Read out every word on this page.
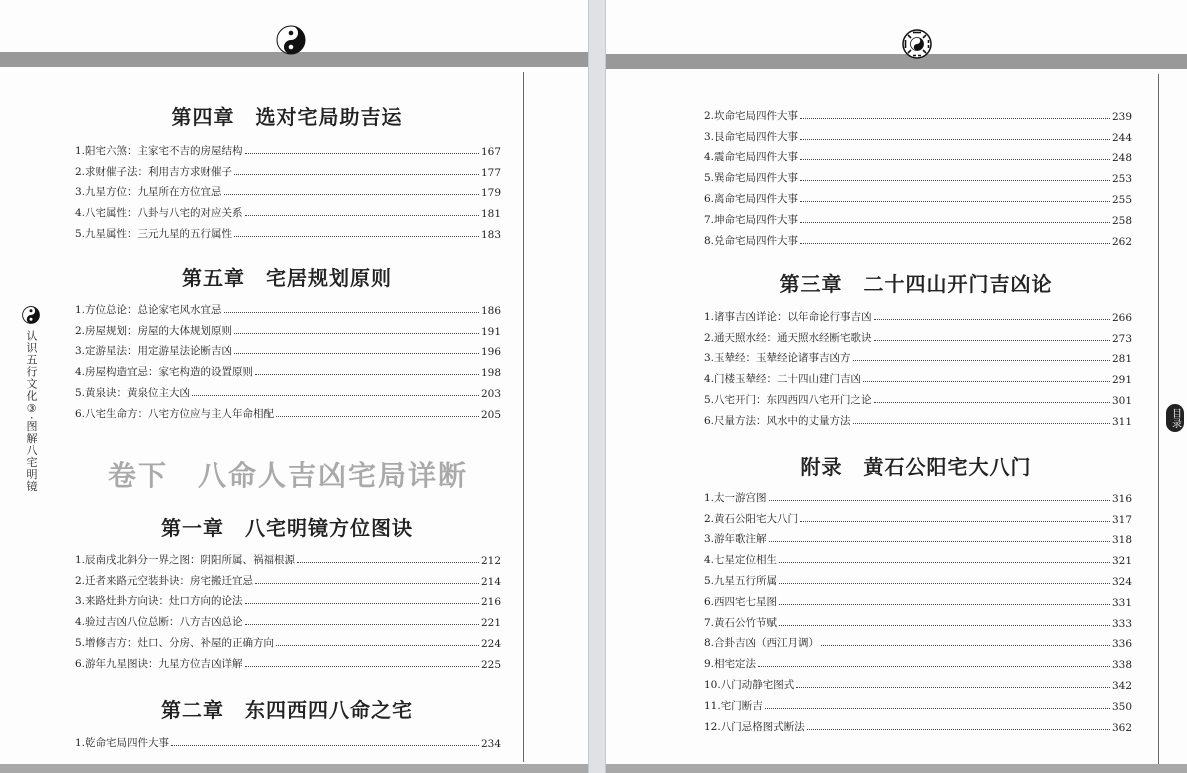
认识五行文化③·图解八宅明镜
第四章　选对宅局助吉运
1.阳宅六煞：主家宅不吉的房屋结构	167
2.求财催子法：利用吉方求财催子	177
3.九星方位：九星所在方位宜忌	179
4.八宅属性：八卦与八宅的对应关系	181
5.九星属性：三元九星的五行属性	183
第五章　宅居规划原则
1.方位总论：总论家宅风水宜忌	186
2.房屋规划：房屋的大体规划原则	191
3.定游星法：用定游星法论断吉凶	196
4.房屋构造宜忌：家宅构造的设置原则	198
5.黄泉诀：黄泉位主大凶	203
6.八宅生命方：八宅方位应与主人年命相配	205
卷下　八命人吉凶宅局详断
第一章　八宅明镜方位图诀
1.辰南戌北斜分一界之图：阴阳所属、祸福根源	212
2.迁者来路元空装卦诀：房宅搬迁宜忌	214
3.来路灶卦方向诀：灶口方向的论法	216
4.验过吉凶八位总断：八方吉凶总论	221
5.增修吉方：灶口、分房、补屋的正确方向	224
6.游年九星图诀：九星方位吉凶详解	225
第二章　东四西四八命之宅
1.乾命宅局四件大事	234
目录
2.坎命宅局四件大事	239
3.艮命宅局四件大事	244
4.震命宅局四件大事	248
5.巽命宅局四件大事	253
6.离命宅局四件大事	255
7.坤命宅局四件大事	258
8.兑命宅局四件大事	262
第三章　二十四山开门吉凶论
1.诸事吉凶详论：以年命论行事吉凶	266
2.通天照水经：通天照水经断宅歌诀	273
3.玉辇经：玉辇经论诸事吉凶方	281
4.门楼玉辇经：二十四山建门吉凶	291
5.八宅开门：东四西四八宅开门之论	301
6.尺量方法：风水中的丈量方法	311
附录　黄石公阳宅大八门
1.太一游宫图	316
2.黄石公阳宅大八门	317
3.游年歌注解	318
4.七星定位相生	321
5.九星五行所属	324
6.西四宅七星图	331
7.黄石公竹节赋	333
8.合卦吉凶（西江月调）	336
9.相宅定法	338
10.八门动静宅图式	342
11.宅门断吉	350
12.八门忌格图式断法	362
